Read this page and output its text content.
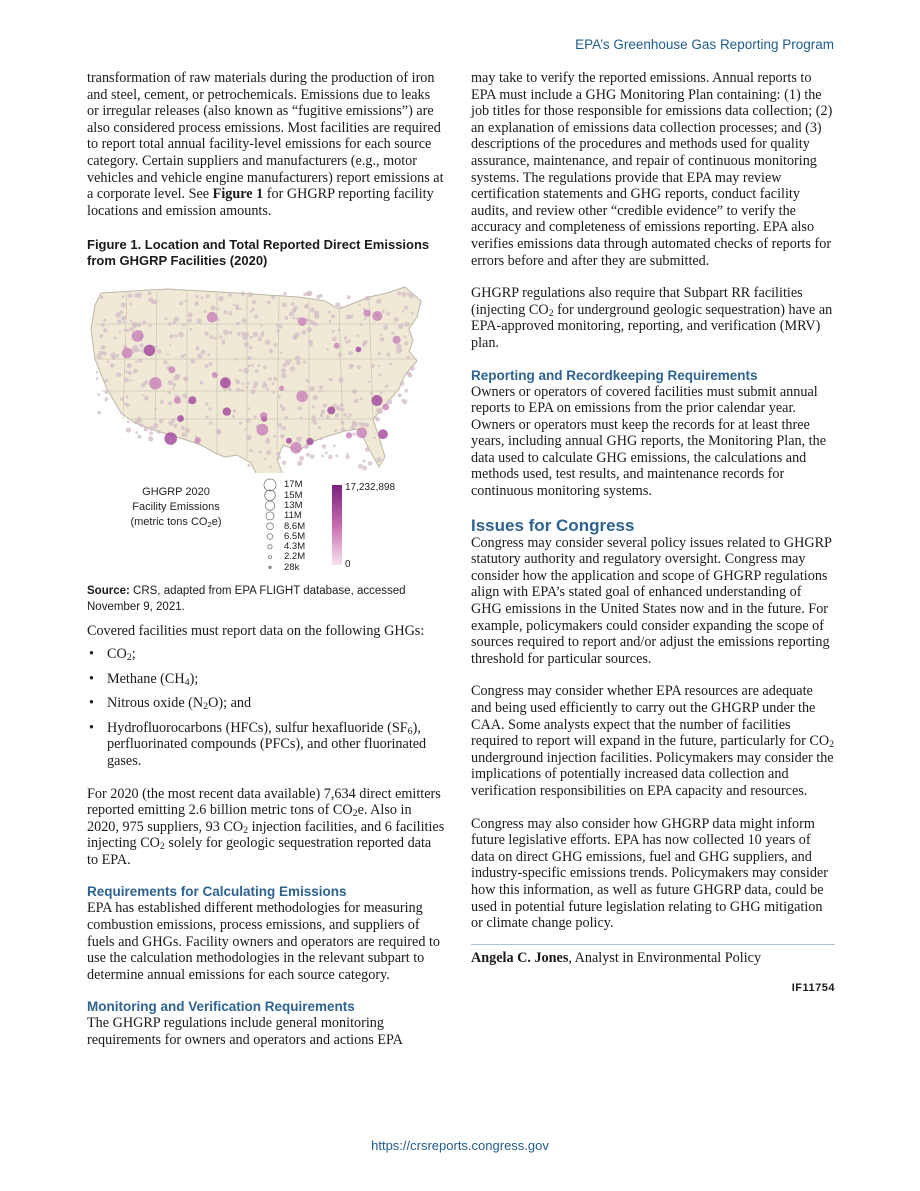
EPA’s Greenhouse Gas Reporting Program

transformation of raw materials during the production of iron and steel, cement, or petrochemicals. Emissions due to leaks or irregular releases (also known as “fugitive emissions”) are also considered process emissions. Most facilities are required to report total annual facility-level emissions for each source category. Certain suppliers and manufacturers (e.g., motor vehicles and vehicle engine manufacturers) report emissions at a corporate level. See Figure 1 for GHGRP reporting facility locations and emission amounts.

Figure 1. Location and Total Reported Direct Emissions from GHGRP Facilities (2020)
GHGRP 2020
Facility Emissions
(metric tons $CO_2e$)
17M
15M
13M
11M
8.6M
6.5M
4.3M
2.2M
28k
17,232,898
0
Source: CRS, adapted from EPA FLIGHT database, accessed November 9, 2021.

Covered facilities must report data on the following GHGs:

• $CO_2$;
• Methane $(CH_4)$;
• Nitrous oxide $(N_2O)$; and
• Hydrofluorocarbons (HFCs), sulfur hexafluoride $(SF_6)$, perfluorinated compounds (PFCs), and other fluorinated gases.

For 2020 (the most recent data available) 7,634 direct emitters reported emitting 2.6 billion metric tons of $CO_2e$. Also in 2020, 975 suppliers, 93 $CO_2$ injection facilities, and 6 facilities injecting $CO_2$ solely for geologic sequestration reported data to EPA.

Requirements for Calculating Emissions

EPA has established different methodologies for measuring combustion emissions, process emissions, and suppliers of fuels and GHGs. Facility owners and operators are required to use the calculation methodologies in the relevant subpart to determine annual emissions for each source category.

Monitoring and Verification Requirements

The GHGRP regulations include general monitoring requirements for owners and operators and actions EPA

may take to verify the reported emissions. Annual reports to EPA must include a GHG Monitoring Plan containing: (1) the job titles for those responsible for emissions data collection; (2) an explanation of emissions data collection processes; and (3) descriptions of the procedures and methods used for quality assurance, maintenance, and repair of continuous monitoring systems. The regulations provide that EPA may review certification statements and GHG reports, conduct facility audits, and review other “credible evidence” to verify the accuracy and completeness of emissions reporting. EPA also verifies emissions data through automated checks of reports for errors before and after they are submitted.

GHGRP regulations also require that Subpart RR facilities (injecting $CO_2$ for underground geologic sequestration) have an EPA-approved monitoring, reporting, and verification (MRV) plan.

Reporting and Recordkeeping Requirements

Owners or operators of covered facilities must submit annual reports to EPA on emissions from the prior calendar year. Owners or operators must keep the records for at least three years, including annual GHG reports, the Monitoring Plan, the data used to calculate GHG emissions, the calculations and methods used, test results, and maintenance records for continuous monitoring systems.

Issues for Congress

Congress may consider several policy issues related to GHGRP statutory authority and regulatory oversight. Congress may consider how the application and scope of GHGRP regulations align with EPA’s stated goal of enhanced understanding of GHG emissions in the United States now and in the future. For example, policymakers could consider expanding the scope of sources required to report and/or adjust the emissions reporting threshold for particular sources.

Congress may consider whether EPA resources are adequate and being used efficiently to carry out the GHGRP under the CAA. Some analysts expect that the number of facilities required to report will expand in the future, particularly for $CO_2$ underground injection facilities. Policymakers may consider the implications of potentially increased data collection and verification responsibilities on EPA capacity and resources.

Congress may also consider how GHGRP data might inform future legislative efforts. EPA has now collected 10 years of data on direct GHG emissions, fuel and GHG suppliers, and industry-specific emissions trends. Policymakers may consider how this information, as well as future GHGRP data, could be used in potential future legislation relating to GHG mitigation or climate change policy.

Angela C. Jones, Analyst in Environmental Policy
IF11754
https://crsreports.congress.gov
